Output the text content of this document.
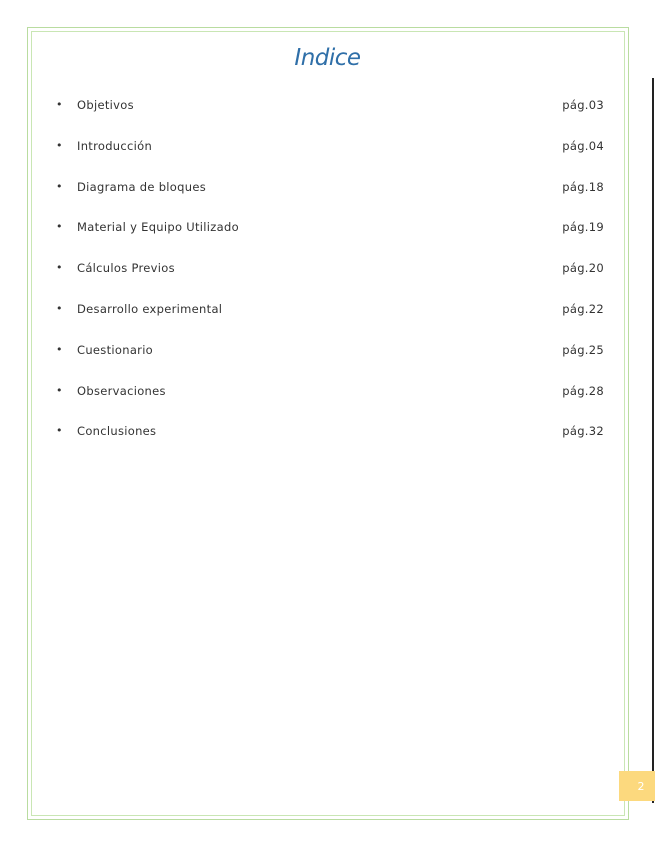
Indice
• Objetivos	pág.03
• Introducción	pág.04
• Diagrama de bloques	pág.18
• Material y Equipo Utilizado	pág.19
• Cálculos Previos	pág.20
• Desarrollo experimental	pág.22
• Cuestionario	pág.25
• Observaciones	pág.28
• Conclusiones	pág.32
2
